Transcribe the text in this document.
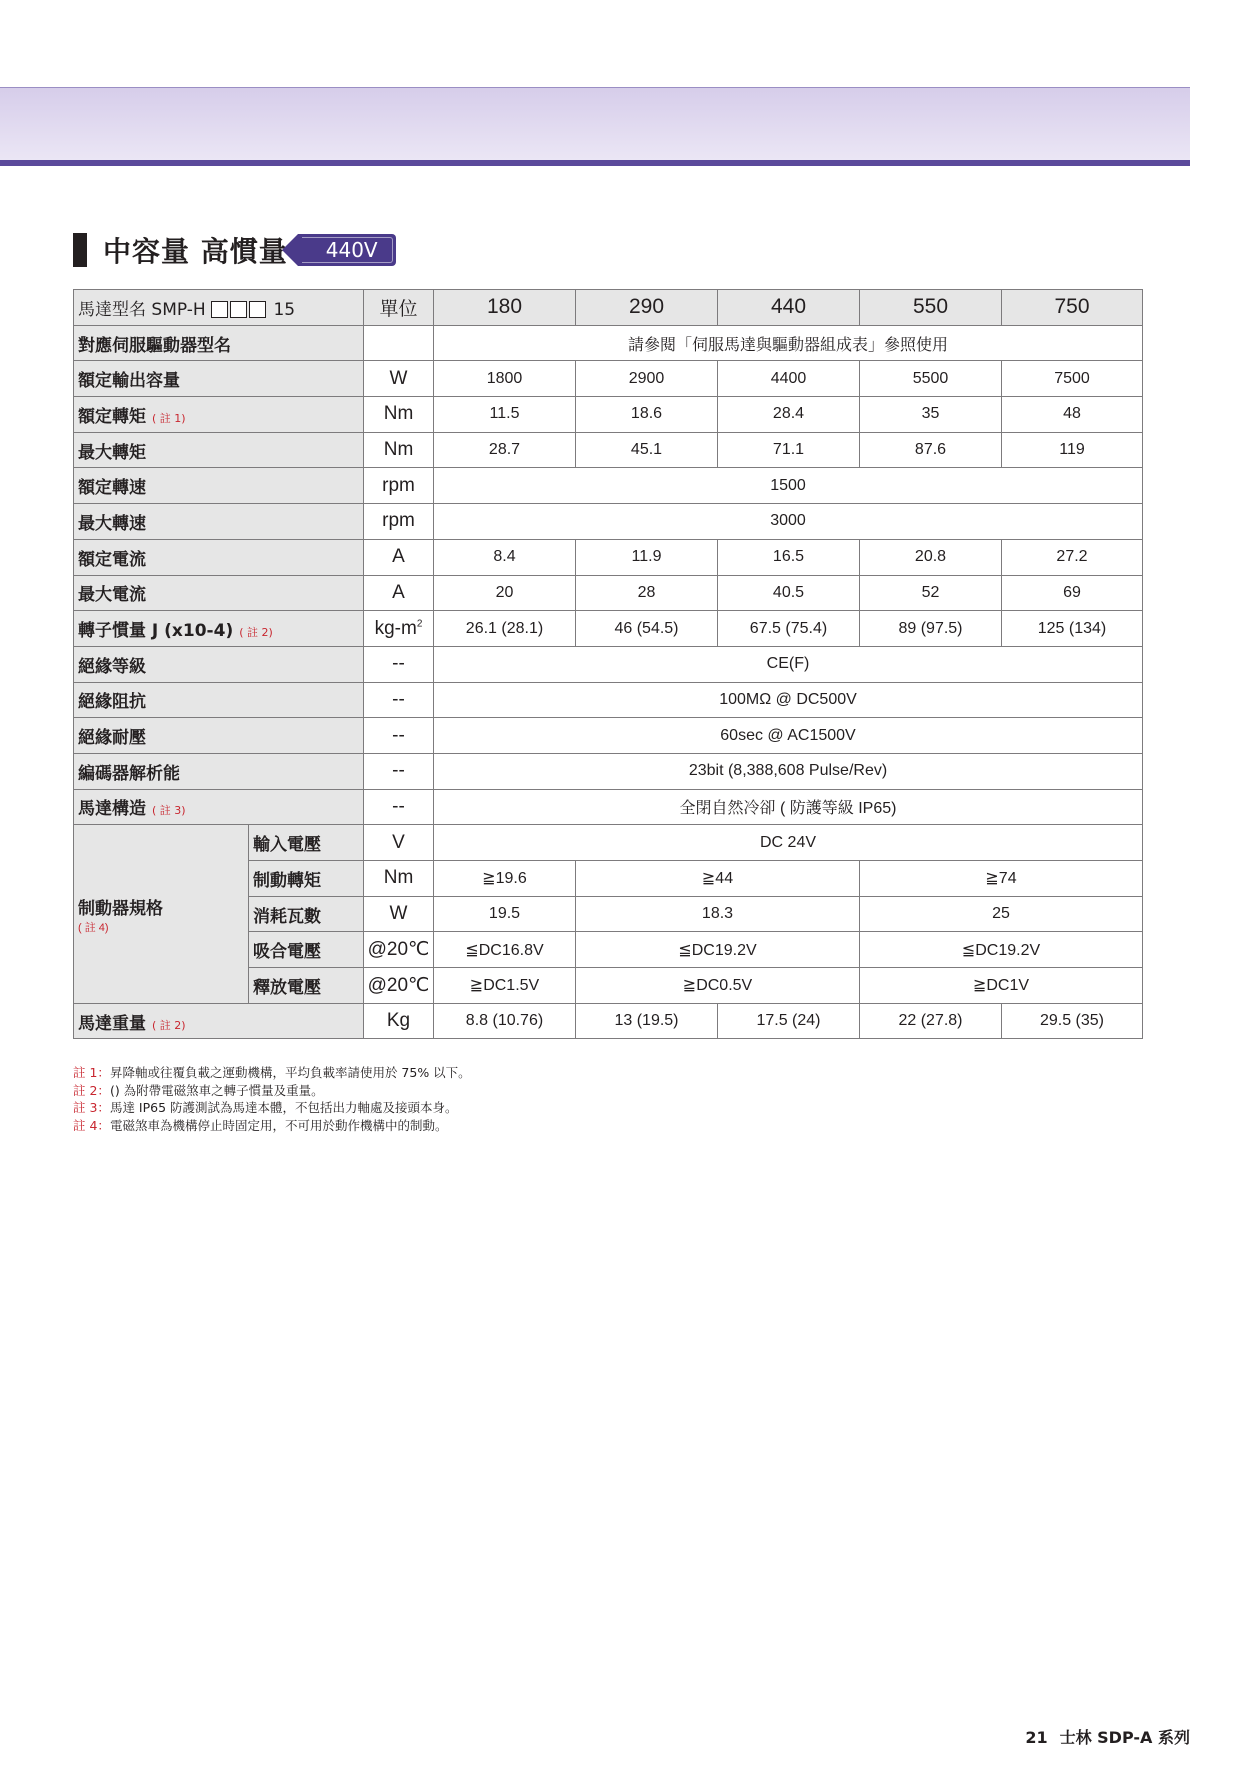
中容量 高慣量	440V
馬達型名 SMP-H 15		單位	180	290	440	550	750
對應伺服驅動器型名			請參閱「伺服馬達與驅動器組成表」參照使用				
額定輸出容量		W	1800	2900	4400	5500	7500
額定轉矩 ( 註 1)		Nm	11.5	18.6	28.4	35	48
最大轉矩		Nm	28.7	45.1	71.1	87.6	119
額定轉速		rpm	1500				
最大轉速		rpm	3000				
額定電流		A	8.4	11.9	16.5	20.8	27.2
最大電流		A	20	28	40.5	52	69
轉子慣量 J (x10-4) ( 註 2)		$kg-m^2$	26.1 (28.1)	46 (54.5)	67.5 (75.4)	89 (97.5)	125 (134)
絕緣等級		--	CE(F)				
絕緣阻抗		--	100MΩ @ DC500V				
絕緣耐壓		--	60sec @ AC1500V				
編碼器解析能		--	23bit (8,388,608 Pulse/Rev)				
馬達構造 ( 註 3)		--	全閉自然冷卻 ( 防護等級 IP65)				

制動器規格
( 註 4)	輸入電壓	V	DC 24V				
	制動轉矩	Nm	≧19.6	≧44		≧74	
	消耗瓦數	W	19.5	18.3		25	
	吸合電壓	@20℃	≦DC16.8V	≦DC19.2V		≦DC19.2V	
	釋放電壓	@20℃	≧DC1.5V	≧DC0.5V		≧DC1V	
馬達重量 ( 註 2)		Kg	8.8 (10.76)	13 (19.5)	17.5 (24)	22 (27.8)	29.5 (35)
註 1：昇降軸或往覆負載之運動機構，平均負載率請使用於 75% 以下。
註 2：() 為附帶電磁煞車之轉子慣量及重量。
註 3：馬達 IP65 防護測試為馬達本體，不包括出力軸處及接頭本身。
註 4：電磁煞車為機構停止時固定用，不可用於動作機構中的制動。
21 士林 SDP-A 系列
